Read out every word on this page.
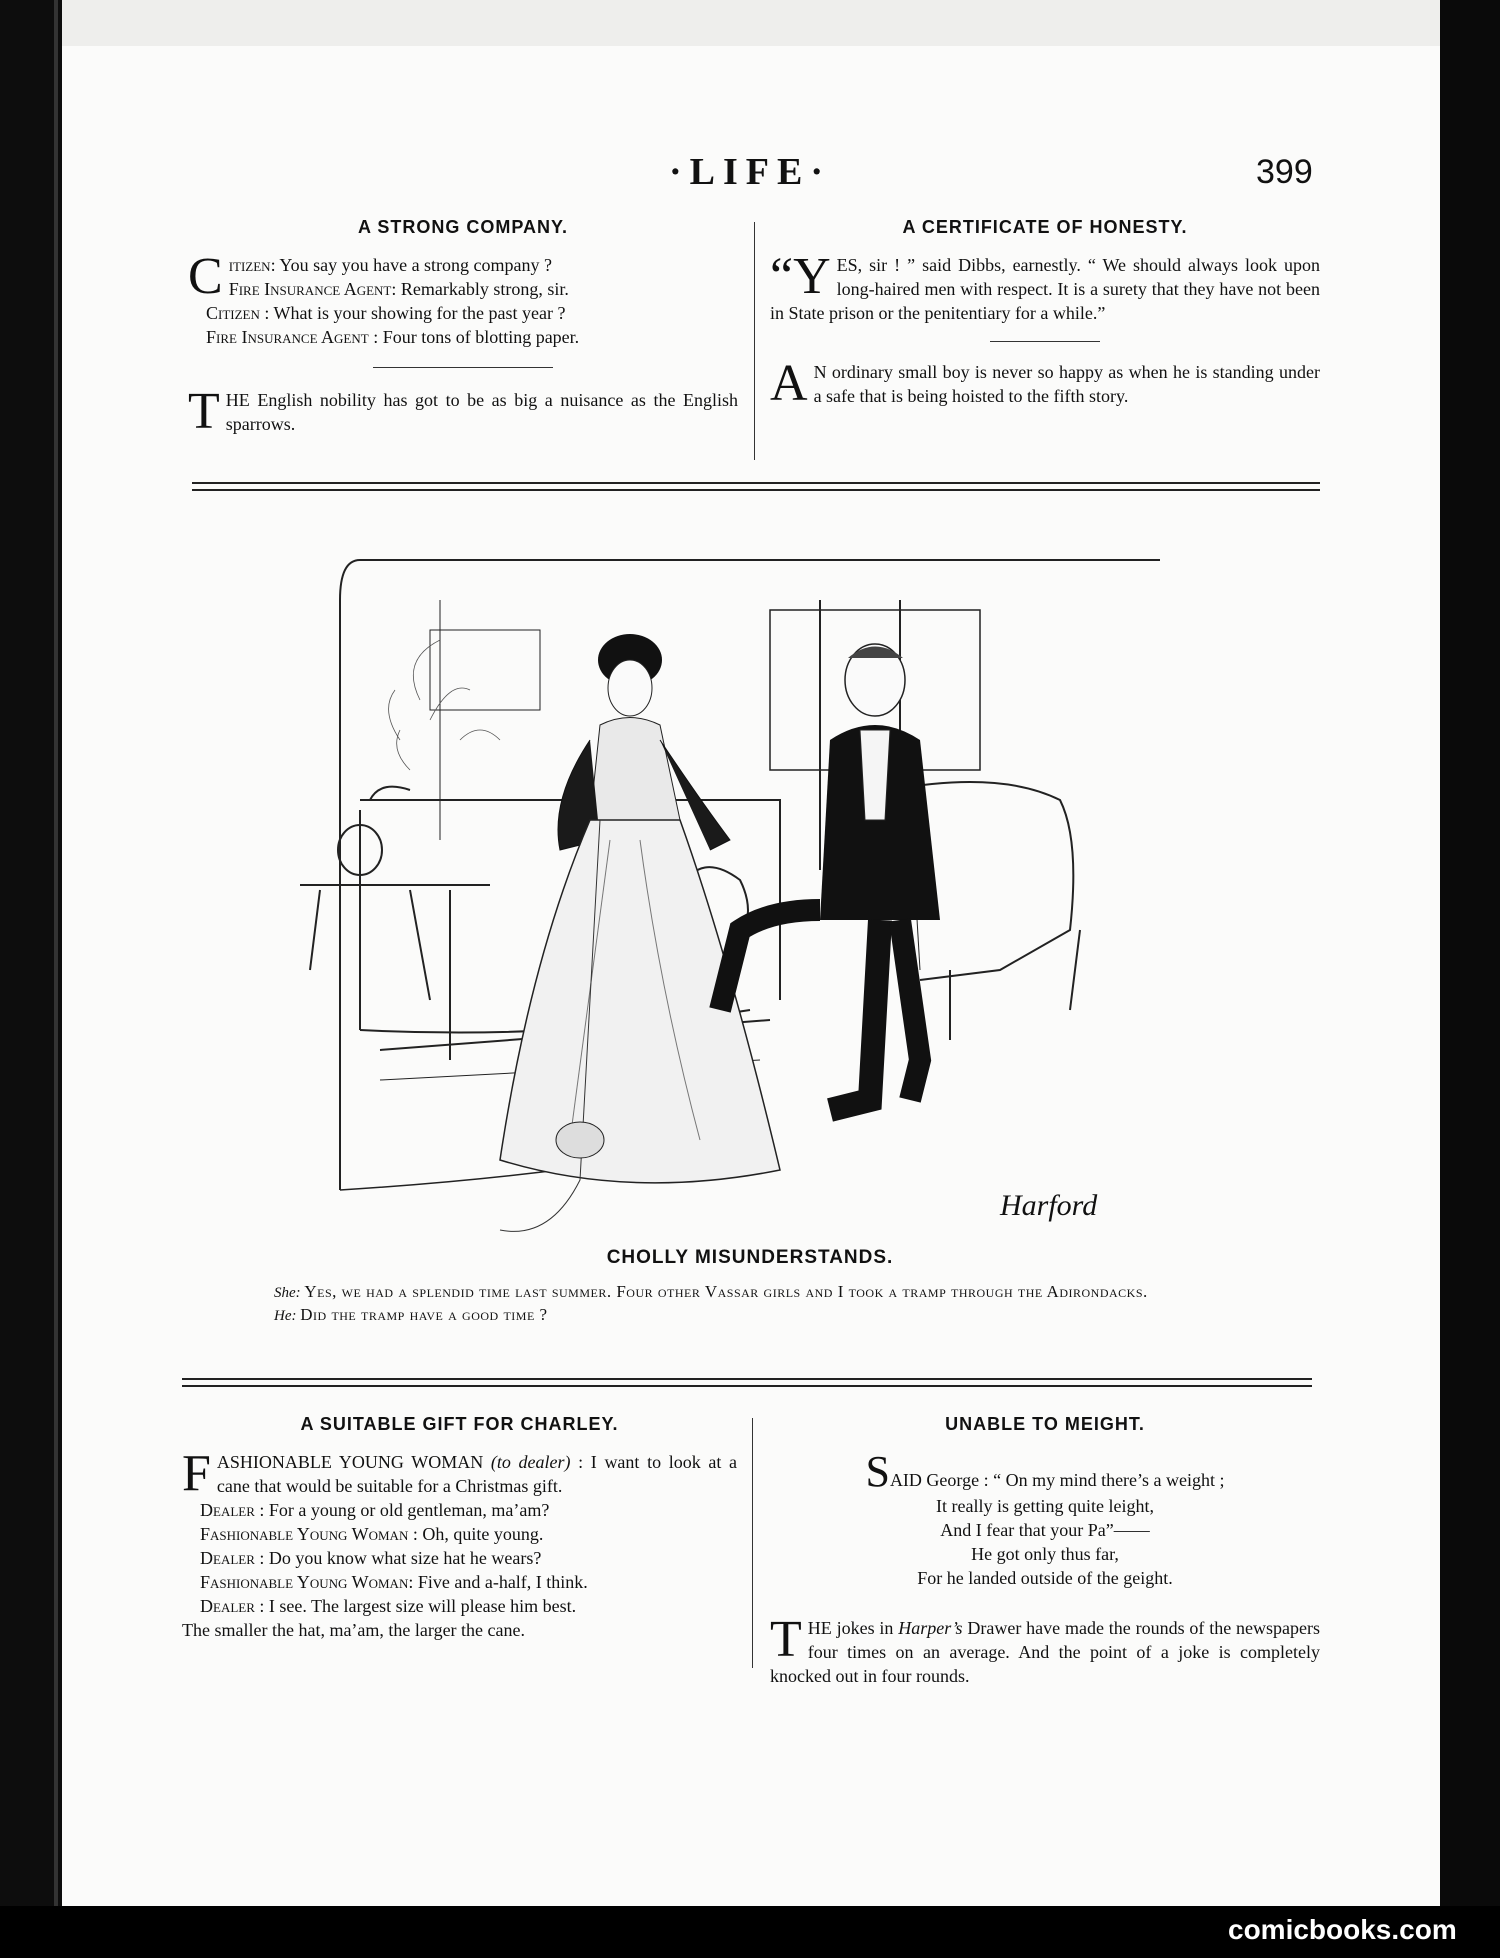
comicbooks.com
·LIFE·	399
A STRONG COMPANY.

Citizen: You say you have a strong company ?

Fire Insurance Agent: Remarkably strong, sir.

Citizen : What is your showing for the past year ?

Fire Insurance Agent : Four tons of blotting paper.

THE English nobility has got to be as big a nuisance as the English sparrows.

A CERTIFICATE OF HONESTY.

“YES, sir ! ” said Dibbs, earnestly. “ We should always look upon long-haired men with respect. It is a surety that they have not been in State prison or the penitentiary for a while.”

A N ordinary small boy is never so happy as when he is standing under a safe that is being hoisted to the fifth story.

Harford
CHOLLY MISUNDERSTANDS.

She: Yes, we had a splendid time last summer. Four other Vassar girls and I took a tramp through the Adirondacks.

He: Did the tramp have a good time ?

A SUITABLE GIFT FOR CHARLEY.

FASHIONABLE YOUNG WOMAN (to dealer) : I want to look at a cane that would be suitable for a Christmas gift.

Dealer : For a young or old gentleman, ma’am?

Fashionable Young Woman : Oh, quite young.

Dealer : Do you know what size hat he wears?

Fashionable Young Woman: Five and a-half, I think.

Dealer : I see. The largest size will please him best.

The smaller the hat, ma’am, the larger the cane.

UNABLE TO MEIGHT.
SAID George : “ On my mind there’s a weight ;
It really is getting quite leight,
And I fear that your Pa”——
He got only thus far,
For he landed outside of the geight.

THE jokes in Harper’s Drawer have made the rounds of the newspapers four times on an average. And the point of a joke is completely knocked out in four rounds.
